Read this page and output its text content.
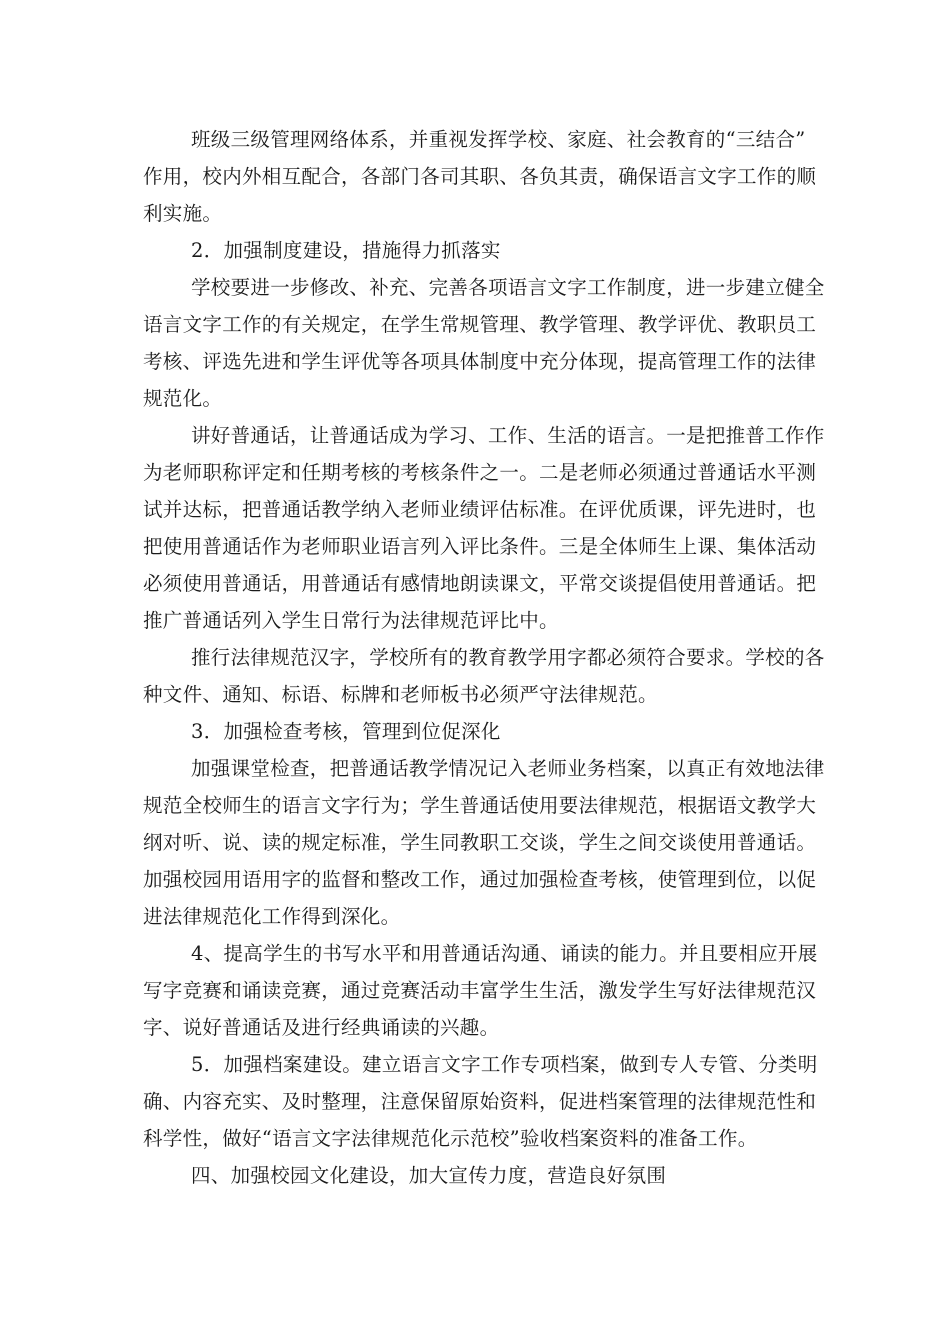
班级三级管理网络体系，并重视发挥学校、家庭、社会教育的“三结合”
作用，校内外相互配合，各部门各司其职、各负其责，确保语言文字工作的顺
利实施。
2．加强制度建设，措施得力抓落实
学校要进一步修改、补充、完善各项语言文字工作制度，进一步建立健全
语言文字工作的有关规定，在学生常规管理、教学管理、教学评优、教职员工
考核、评选先进和学生评优等各项具体制度中充分体现，提高管理工作的法律
规范化。
讲好普通话，让普通话成为学习、工作、生活的语言。一是把推普工作作
为老师职称评定和任期考核的考核条件之一。二是老师必须通过普通话水平测
试并达标，把普通话教学纳入老师业绩评估标准。在评优质课，评先进时，也
把使用普通话作为老师职业语言列入评比条件。三是全体师生上课、集体活动
必须使用普通话，用普通话有感情地朗读课文，平常交谈提倡使用普通话。把
推广普通话列入学生日常行为法律规范评比中。
推行法律规范汉字，学校所有的教育教学用字都必须符合要求。学校的各
种文件、通知、标语、标牌和老师板书必须严守法律规范。
3．加强检查考核，管理到位促深化
加强课堂检查，把普通话教学情况记入老师业务档案，以真正有效地法律
规范全校师生的语言文字行为；学生普通话使用要法律规范，根据语文教学大
纲对听、说、读的规定标准，学生同教职工交谈，学生之间交谈使用普通话。
加强校园用语用字的监督和整改工作，通过加强检查考核，使管理到位，以促
进法律规范化工作得到深化。
4、提高学生的书写水平和用普通话沟通、诵读的能力。并且要相应开展
写字竞赛和诵读竞赛，通过竞赛活动丰富学生生活，激发学生写好法律规范汉
字、说好普通话及进行经典诵读的兴趣。
5．加强档案建设。建立语言文字工作专项档案，做到专人专管、分类明
确、内容充实、及时整理，注意保留原始资料，促进档案管理的法律规范性和
科学性，做好“语言文字法律规范化示范校”验收档案资料的准备工作。
四、加强校园文化建设，加大宣传力度，营造良好氛围
